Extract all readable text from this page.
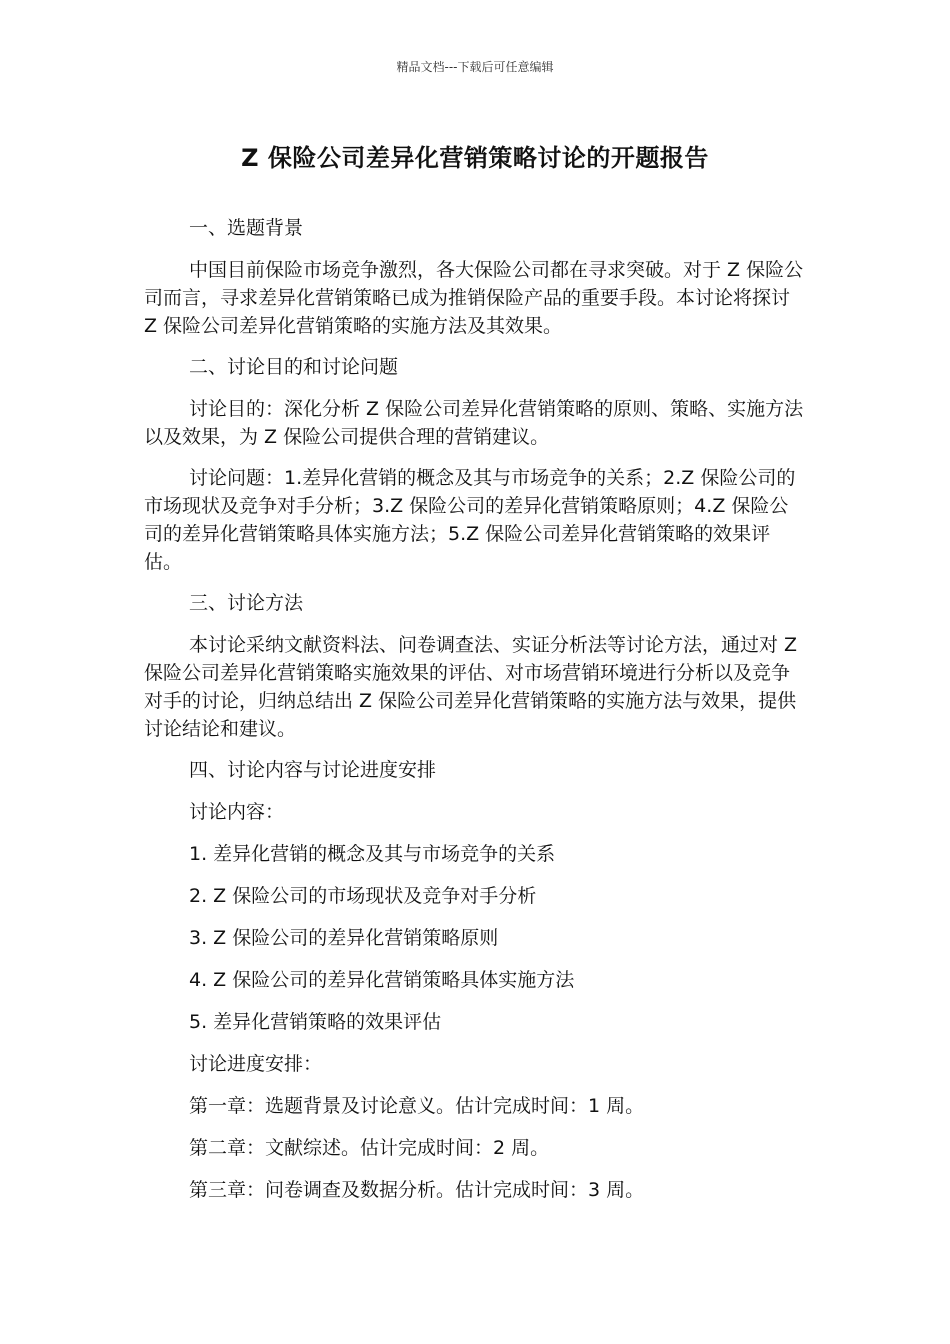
精品文档---下载后可任意编辑
Z 保险公司差异化营销策略讨论的开题报告

一、选题背景

中国目前保险市场竞争激烈，各大保险公司都在寻求突破。对于 Z 保险公司而言，寻求差异化营销策略已成为推销保险产品的重要手段。本讨论将探讨 Z 保险公司差异化营销策略的实施方法及其效果。

二、讨论目的和讨论问题

讨论目的：深化分析 Z 保险公司差异化营销策略的原则、策略、实施方法以及效果，为 Z 保险公司提供合理的营销建议。

讨论问题：1.差异化营销的概念及其与市场竞争的关系；2.Z 保险公司的市场现状及竞争对手分析；3.Z 保险公司的差异化营销策略原则；4.Z 保险公司的差异化营销策略具体实施方法；5.Z 保险公司差异化营销策略的效果评估。

三、讨论方法

本讨论采纳文献资料法、问卷调查法、实证分析法等讨论方法，通过对 Z 保险公司差异化营销策略实施效果的评估、对市场营销环境进行分析以及竞争对手的讨论，归纳总结出 Z 保险公司差异化营销策略的实施方法与效果，提供讨论结论和建议。

四、讨论内容与讨论进度安排

讨论内容：

1. 差异化营销的概念及其与市场竞争的关系

2. Z 保险公司的市场现状及竞争对手分析

3. Z 保险公司的差异化营销策略原则

4. Z 保险公司的差异化营销策略具体实施方法

5. 差异化营销策略的效果评估

讨论进度安排：

第一章：选题背景及讨论意义。估计完成时间：1 周。

第二章：文献综述。估计完成时间：2 周。

第三章：问卷调查及数据分析。估计完成时间：3 周。
